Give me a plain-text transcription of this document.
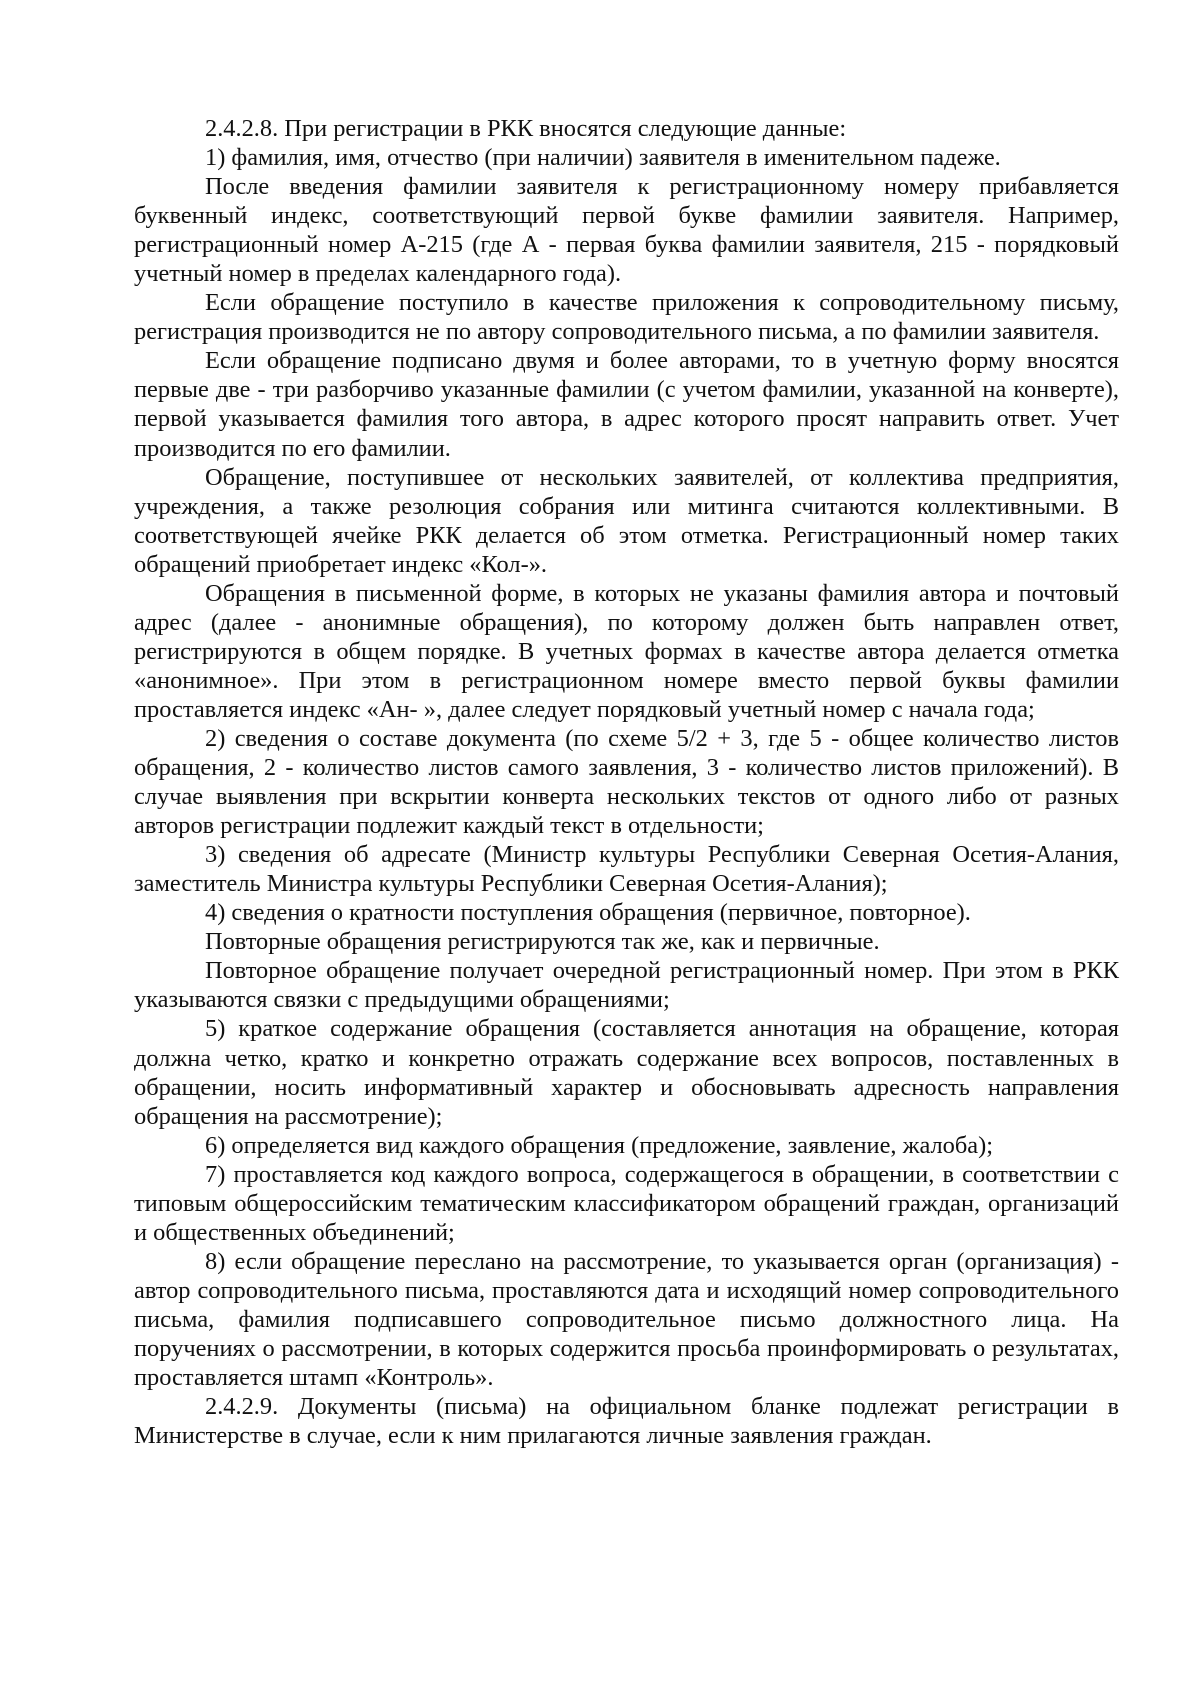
2.4.2.8. При регистрации в РКК вносятся следующие данные:

1) фамилия, имя, отчество (при наличии) заявителя в именительном падеже.

После введения фамилии заявителя к регистрационному номеру прибавляется буквенный индекс, соответствующий первой букве фамилии заявителя. Например, регистрационный номер А-215 (где А - первая буква фамилии заявителя, 215 - порядковый учетный номер в пределах календарного года).

Если обращение поступило в качестве приложения к сопроводительному письму, регистрация производится не по автору сопроводительного письма, а по фамилии заявителя.

Если обращение подписано двумя и более авторами, то в учетную форму вносятся первые две - три разборчиво указанные фамилии (с учетом фамилии, указанной на конверте), первой указывается фамилия того автора, в адрес которого просят направить ответ. Учет производится по его фамилии.

Обращение, поступившее от нескольких заявителей, от коллектива предприятия, учреждения, а также резолюция собрания или митинга считаются коллективными. В соответствующей ячейке РКК делается об этом отметка. Регистрационный номер таких обращений приобретает индекс «Кол-».

Обращения в письменной форме, в которых не указаны фамилия автора и почтовый адрес (далее - анонимные обращения), по которому должен быть направлен ответ, регистрируются в общем порядке. В учетных формах в качестве автора делается отметка «анонимное». При этом в регистрационном номере вместо первой буквы фамилии проставляется индекс «Ан- », далее следует порядковый учетный номер с начала года;

2) сведения о составе документа (по схеме 5/2 + 3, где 5 - общее количество листов обращения, 2 - количество листов самого заявления, 3 - количество листов приложений). В случае выявления при вскрытии конверта нескольких текстов от одного либо от разных авторов регистрации подлежит каждый текст в отдельности;

3) сведения об адресате (Министр культуры Республики Северная Осетия-Алания, заместитель Министра культуры Республики Северная Осетия-Алания);

4) сведения о кратности поступления обращения (первичное, повторное).

Повторные обращения регистрируются так же, как и первичные.

Повторное обращение получает очередной регистрационный номер. При этом в РКК указываются связки с предыдущими обращениями;

5) краткое содержание обращения (составляется аннотация на обращение, которая должна четко, кратко и конкретно отражать содержание всех вопросов, поставленных в обращении, носить информативный характер и обосновывать адресность направления обращения на рассмотрение);

6) определяется вид каждого обращения (предложение, заявление, жалоба);

7) проставляется код каждого вопроса, содержащегося в обращении, в соответствии с типовым общероссийским тематическим классификатором обращений граждан, организаций и общественных объединений;

8) если обращение переслано на рассмотрение, то указывается орган (организация) - автор сопроводительного письма, проставляются дата и исходящий номер сопроводительного письма, фамилия подписавшего сопроводительное письмо должностного лица. На поручениях о рассмотрении, в которых содержится просьба проинформировать о результатах, проставляется штамп «Контроль».

2.4.2.9. Документы (письма) на официальном бланке подлежат регистрации в Министерстве в случае, если к ним прилагаются личные заявления граждан.
